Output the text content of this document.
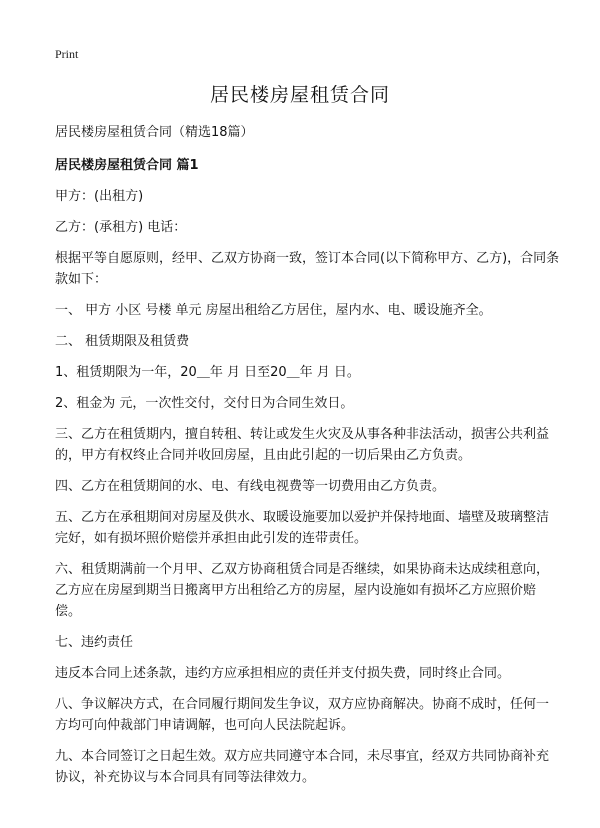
Print
居民楼房屋租赁合同

居民楼房屋租赁合同（精选18篇）

居民楼房屋租赁合同 篇1

甲方：(出租方)

乙方：(承租方) 电话：

根据平等自愿原则，经甲、乙双方协商一致，签订本合同(以下简称甲方、乙方)，合同条款如下：

一、 甲方 小区 号楼 单元 房屋出租给乙方居住，屋内水、电、暖设施齐全。

二、 租赁期限及租赁费

1、租赁期限为一年，20＿年 月 日至20＿年 月 日。

2、租金为 元，一次性交付，交付日为合同生效日。

三、乙方在租赁期内，擅自转租、转让或发生火灾及从事各种非法活动，损害公共利益的，甲方有权终止合同并收回房屋，且由此引起的一切后果由乙方负责。

四、乙方在租赁期间的水、电、有线电视费等一切费用由乙方负责。

五、乙方在承租期间对房屋及供水、取暖设施要加以爱护并保持地面、墙壁及玻璃整洁完好，如有损坏照价赔偿并承担由此引发的连带责任。

六、租赁期满前一个月甲、乙双方协商租赁合同是否继续，如果协商未达成续租意向，乙方应在房屋到期当日搬离甲方出租给乙方的房屋，屋内设施如有损坏乙方应照价赔偿。

七、违约责任

违反本合同上述条款，违约方应承担相应的责任并支付损失费，同时终止合同。

八、争议解决方式，在合同履行期间发生争议，双方应协商解决。协商不成时，任何一方均可向仲裁部门申请调解，也可向人民法院起诉。

九、本合同签订之日起生效。双方应共同遵守本合同，未尽事宜，经双方共同协商补充协议，补充协议与本合同具有同等法律效力。
